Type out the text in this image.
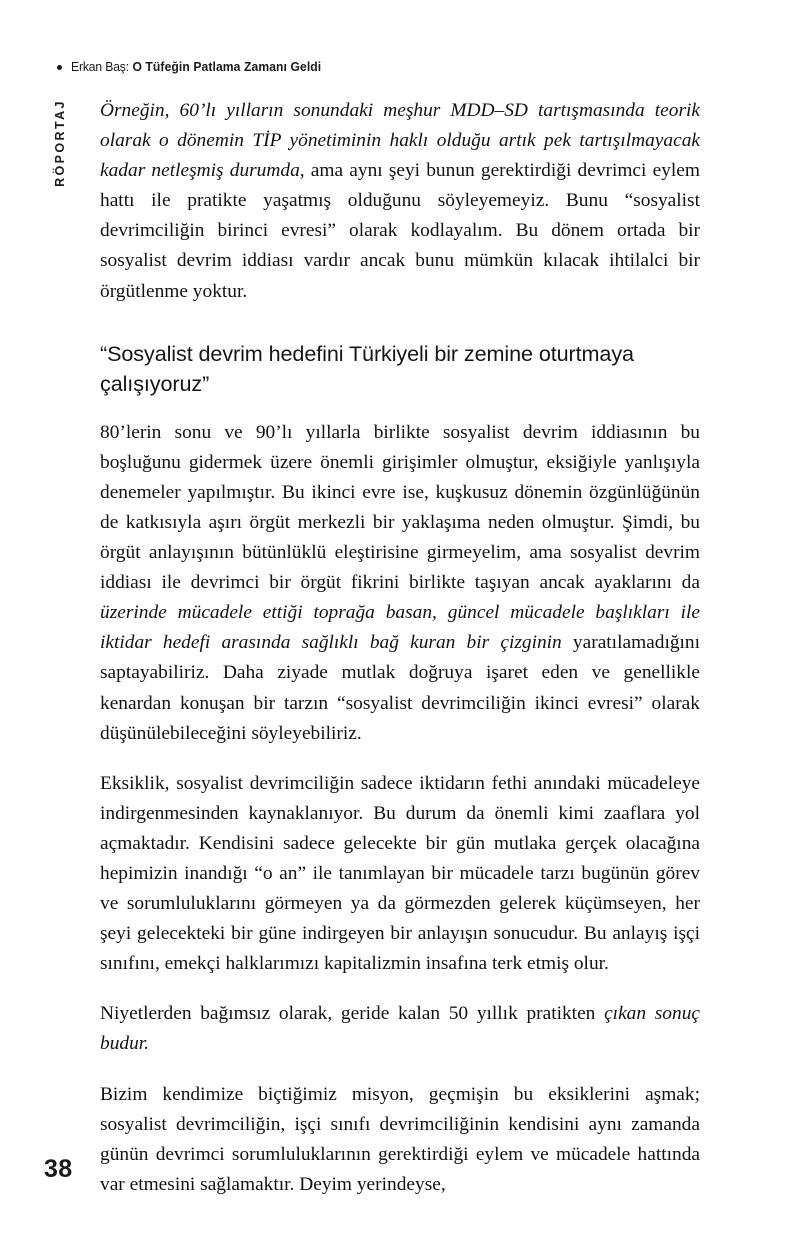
Erkan Baş: O Tüfeğin Patlama Zamanı Geldi
RÖPORTAJ Örneğin, 60’lı yılların sonundaki meşhur MDD–SD tartışmasında teorik olarak o dönemin TİP yönetiminin haklı olduğu artık pek tartışılmayacak kadar netleşmiş durumda, ama aynı şeyi bunun gerektirdiği devrimci eylem hattı ile pratikte yaşatmış olduğunu söyleyemeyiz. Bunu “sosyalist devrimciliğin birinci evresi” olarak kodlayalım. Bu dönem ortada bir sosyalist devrim iddiası vardır ancak bunu mümkün kılacak ihtilalci bir örgütlenme yoktur.

“Sosyalist devrim hedefini Türkiyeli bir zemine oturtmaya çalışıyoruz”

80’lerin sonu ve 90’lı yıllarla birlikte sosyalist devrim iddiasının bu boşluğunu gidermek üzere önemli girişimler olmuştur, eksiğiyle yanlışıyla denemeler yapılmıştır. Bu ikinci evre ise, kuşkusuz dönemin özgünlüğünün de katkısıyla aşırı örgüt merkezli bir yaklaşıma neden olmuştur. Şimdi, bu örgüt anlayışının bütünlüklü eleştirisine girmeyelim, ama sosyalist devrim iddiası ile devrimci bir örgüt fikrini birlikte taşıyan ancak ayaklarını da üzerinde mücadele ettiği toprağa basan, güncel mücadele başlıkları ile iktidar hedefi arasında sağlıklı bağ kuran bir çizginin yaratılamadığını saptayabiliriz. Daha ziyade mutlak doğruya işaret eden ve genellikle kenardan konuşan bir tarzın “sosyalist devrimciliğin ikinci evresi” olarak düşünülebileceğini söyleyebiliriz.

Eksiklik, sosyalist devrimciliğin sadece iktidarın fethi anındaki mücadeleye indirgenmesinden kaynaklanıyor. Bu durum da önemli kimi zaaflara yol açmaktadır. Kendisini sadece gelecekte bir gün mutlaka gerçek olacağına hepimizin inandığı “o an” ile tanımlayan bir mücadele tarzı bugünün görev ve sorumluluklarını görmeyen ya da görmezden gelerek küçümseyen, her şeyi gelecekteki bir güne indirgeyen bir anlayışın sonucudur. Bu anlayış işçi sınıfını, emekçi halklarımızı kapitalizmin insafına terk etmiş olur.

Niyetlerden bağımsız olarak, geride kalan 50 yıllık pratikten çıkan sonuç budur.

Bizim kendimize biçtiğimiz misyon, geçmişin bu eksiklerini aşmak; sosyalist devrimciliğin, işçi sınıfı devrimciliğinin kendisini aynı zamanda günün devrimci sorumluluklarının gerektirdiği eylem ve mücadele hattında var etmesini sağlamaktır. Deyim yerindeyse,

38
